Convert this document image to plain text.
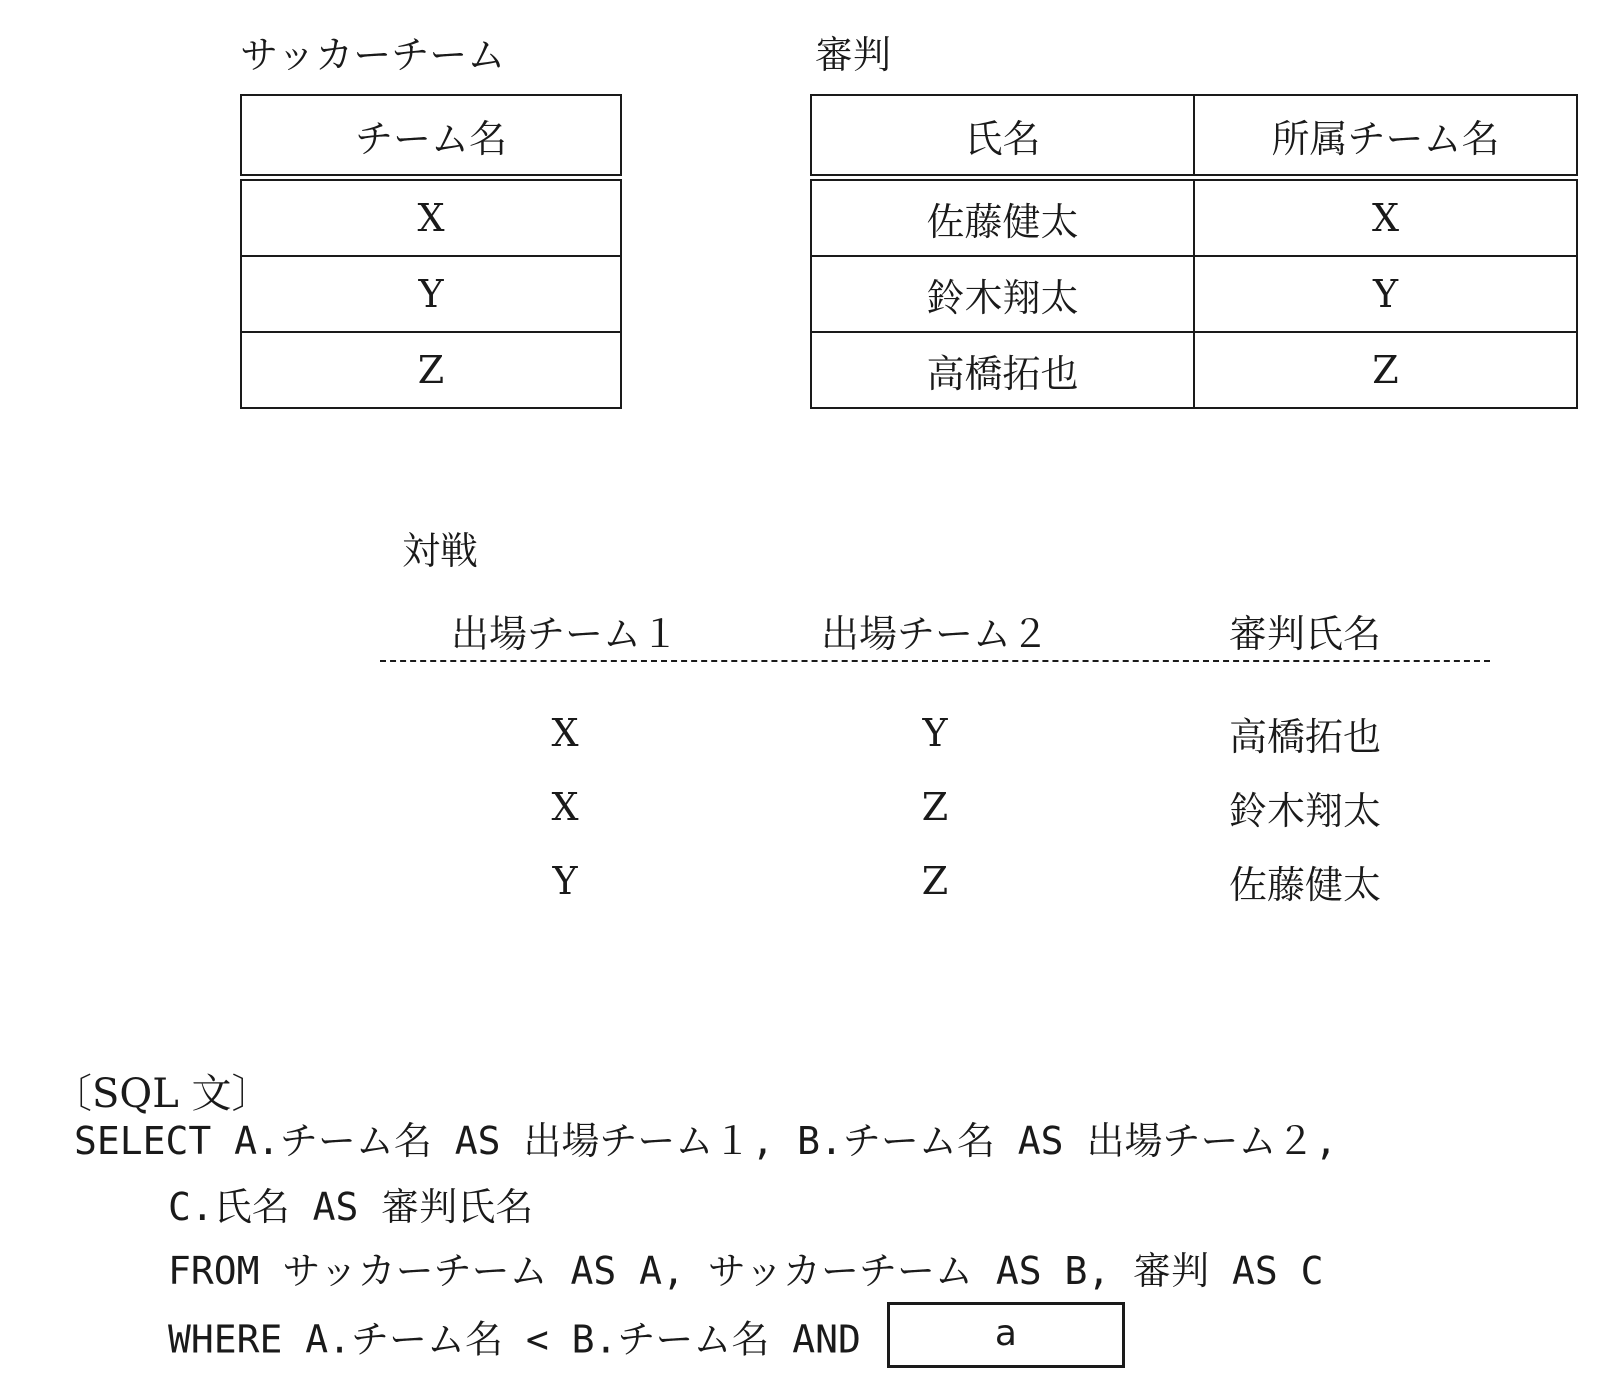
サッカーチーム
チーム名
X
Y
Z
審判
氏名	所属チーム名
佐藤健太	X
鈴木翔太	Y
高橋拓也	Z
対戦
出場チーム１	出場チーム２	審判氏名
X	Y	高橋拓也
X	Z	鈴木翔太
Y	Z	佐藤健太
〔SQL 文〕
SELECT A.チーム名 AS 出場チーム１, B.チーム名 AS 出場チーム２,
C.氏名 AS 審判氏名
FROM サッカーチーム AS A, サッカーチーム AS B, 審判 AS C
WHERE A.チーム名 < B.チーム名 AND	a
